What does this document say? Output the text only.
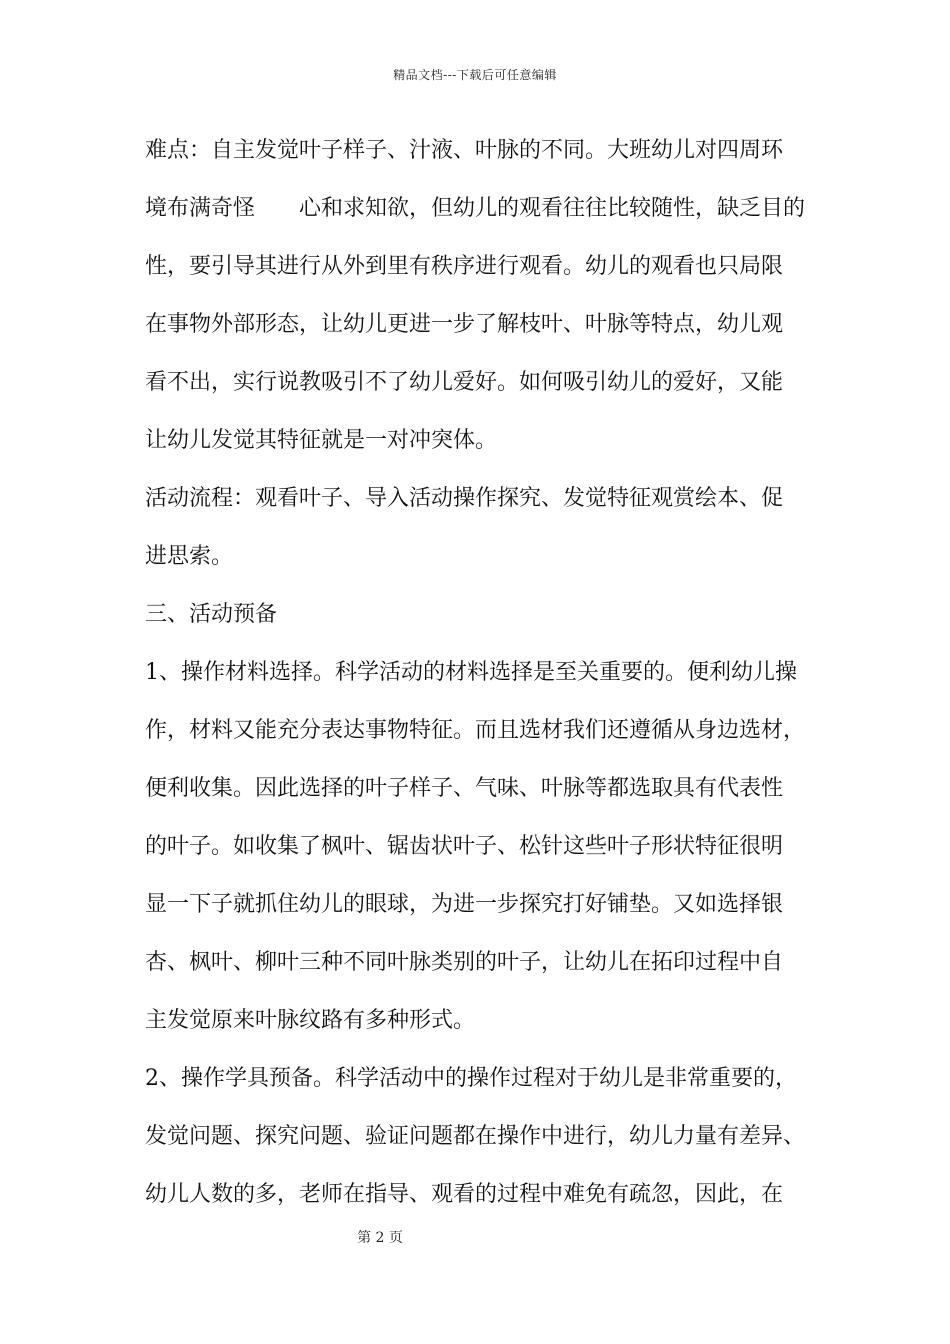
精品文档---下载后可任意编辑
难点：自主发觉叶子样子、汁液、叶脉的不同。大班幼儿对四周环
境布满奇怪　　心和求知欲，但幼儿的观看往往比较随性，缺乏目的
性，要引导其进行从外到里有秩序进行观看。幼儿的观看也只局限
在事物外部形态，让幼儿更进一步了解枝叶、叶脉等特点，幼儿观
看不出，实行说教吸引不了幼儿爱好。如何吸引幼儿的爱好，又能
让幼儿发觉其特征就是一对冲突体。
活动流程：观看叶子、导入活动操作探究、发觉特征观赏绘本、促
进思索。
三、活动预备
1、操作材料选择。科学活动的材料选择是至关重要的。便利幼儿操
作，材料又能充分表达事物特征。而且选材我们还遵循从身边选材，
便利收集。因此选择的叶子样子、气味、叶脉等都选取具有代表性
的叶子。如收集了枫叶、锯齿状叶子、松针这些叶子形状特征很明
显一下子就抓住幼儿的眼球，为进一步探究打好铺垫。又如选择银
杏、枫叶、柳叶三种不同叶脉类别的叶子，让幼儿在拓印过程中自
主发觉原来叶脉纹路有多种形式。
2、操作学具预备。科学活动中的操作过程对于幼儿是非常重要的，
发觉问题、探究问题、验证问题都在操作中进行，幼儿力量有差异、
幼儿人数的多，老师在指导、观看的过程中难免有疏忽，因此，在
第 2 页
